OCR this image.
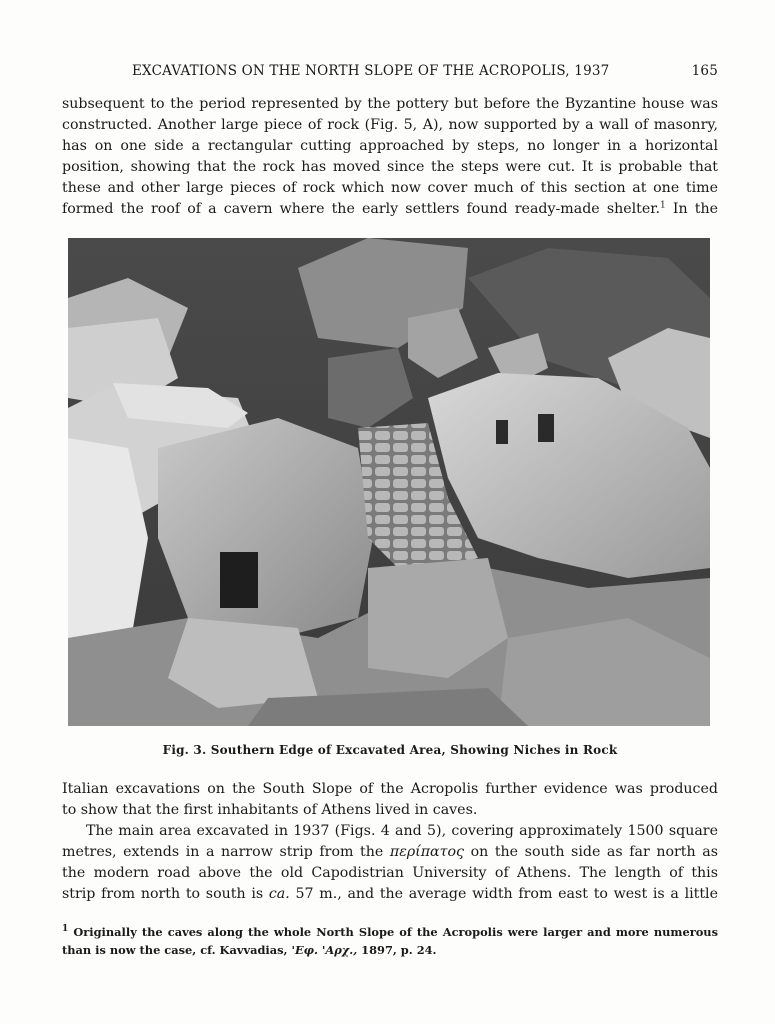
EXCAVATIONS ON THE NORTH SLOPE OF THE ACROPOLIS, 1937	165
subsequent to the period represented by the pottery but before the Byzantine house was
constructed. Another large piece of rock (Fig. 5, A), now supported by a wall of masonry,
has on one side a rectangular cutting approached by steps, no longer in a horizontal
position, showing that the rock has moved since the steps were cut. It is probable that
these and other large pieces of rock which now cover much of this section at one time
formed the roof of a cavern where the early settlers found ready-made shelter.$^1$ In the
Fig. 3. Southern Edge of Excavated Area, Showing Niches in Rock
Italian excavations on the South Slope of the Acropolis further evidence was produced
to show that the first inhabitants of Athens lived in caves.
The main area excavated in 1937 (Figs. 4 and 5), covering approximately 1500 square
metres, extends in a narrow strip from the περίπατος on the south side as far north as
the modern road above the old Capodistrian University of Athens. The length of this
strip from north to south is ca. 57 m., and the average width from east to west is a little
$^1$ Originally the caves along the whole North Slope of the Acropolis were larger and more numerous
than is now the case, cf. Kavvadias, 'Εφ. 'Αρχ., 1897, p. 24.
